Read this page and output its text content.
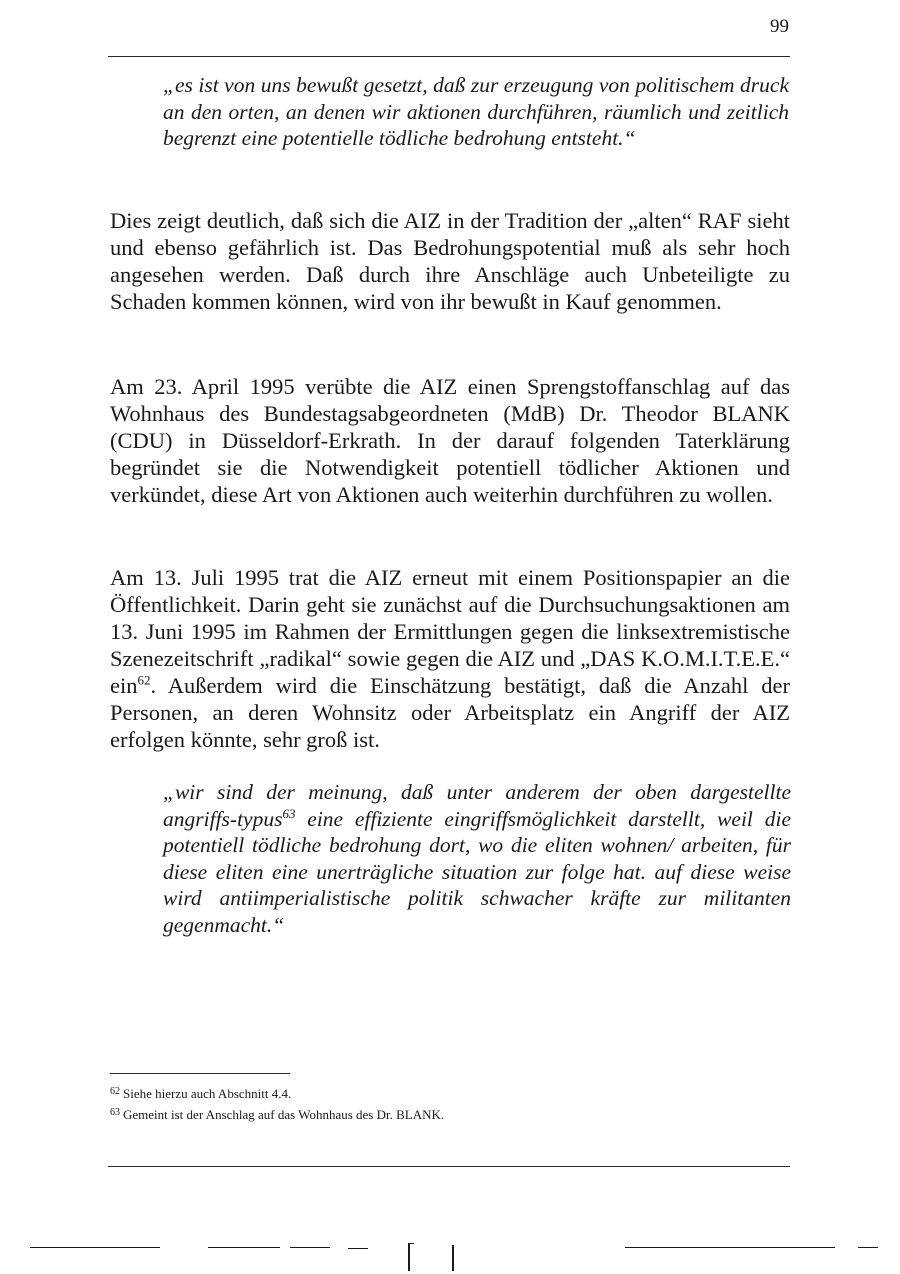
99

„es ist von uns bewußt gesetzt, daß zur erzeugung von politischem druck an den orten, an denen wir aktionen durchführen, räumlich und zeitlich begrenzt eine potentielle tödliche bedrohung entsteht.“

Dies zeigt deutlich, daß sich die AIZ in der Tradition der „alten“ RAF sieht und ebenso gefährlich ist. Das Bedrohungspotential muß als sehr hoch angesehen werden. Daß durch ihre Anschläge auch Unbeteiligte zu Schaden kommen können, wird von ihr bewußt in Kauf genommen.

Am 23. April 1995 verübte die AIZ einen Sprengstoffanschlag auf das Wohnhaus des Bundestagsabgeordneten (MdB) Dr. Theodor BLANK (CDU) in Düsseldorf-Erkrath. In der darauf folgenden Taterklärung begründet sie die Notwendigkeit potentiell tödlicher Aktionen und verkündet, diese Art von Aktionen auch weiterhin durchführen zu wollen.

Am 13. Juli 1995 trat die AIZ erneut mit einem Positionspapier an die Öffentlichkeit. Darin geht sie zunächst auf die Durchsuchungsaktionen am 13. Juni 1995 im Rahmen der Ermittlungen gegen die linksextremistische Szenezeitschrift „radikal“ sowie gegen die AIZ und „DAS K.O.M.I.T.E.E.“ ein$^{62}$. Außerdem wird die Einschätzung bestätigt, daß die Anzahl der Personen, an deren Wohnsitz oder Arbeitsplatz ein Angriff der AIZ erfolgen könnte, sehr groß ist.

„wir sind der meinung, daß unter anderem der oben dargestellte angriffs-typus$^{63}$ eine effiziente eingriffsmöglichkeit darstellt, weil die potentiell tödliche bedrohung dort, wo die eliten wohnen/ arbeiten, für diese eliten eine unerträgliche situation zur folge hat. auf diese weise wird antiimperialistische politik schwacher kräfte zur militanten gegenmacht.“

$^{62}$ Siehe hierzu auch Abschnitt 4.4.
$^{63}$ Gemeint ist der Anschlag auf das Wohnhaus des Dr. BLANK.
